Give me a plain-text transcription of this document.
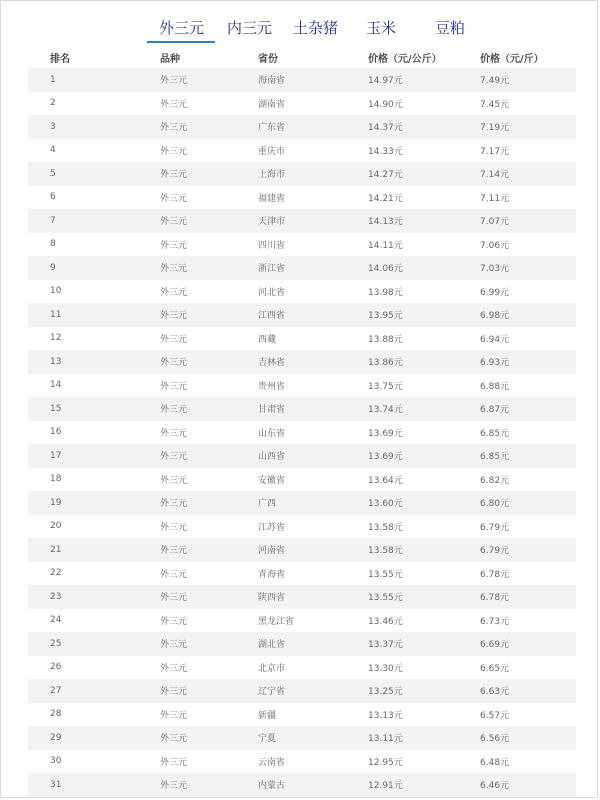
外三元 内三元 土杂猪 玉米	豆粕
排名	品种	省份	价格（元/公斤）	价格（元/斤）
1	外三元	海南省	14.97元	7.49元
2	外三元	湖南省	14.90元	7.45元
3	外三元	广东省	14.37元	7.19元
4	外三元	重庆市	14.33元	7.17元
5	外三元	上海市	14.27元	7.14元
6	外三元	福建省	14.21元	7.11元
7	外三元	天津市	14.13元	7.07元
8	外三元	四川省	14.11元	7.06元
9	外三元	浙江省	14.06元	7.03元
10	外三元	河北省	13.98元	6.99元
11	外三元	江西省	13.95元	6.98元
12	外三元	西藏	13.88元	6.94元
13	外三元	吉林省	13.86元	6.93元
14	外三元	贵州省	13.75元	6.88元
15	外三元	甘肃省	13.74元	6.87元
16	外三元	山东省	13.69元	6.85元
17	外三元	山西省	13.69元	6.85元
18	外三元	安徽省	13.64元	6.82元
19	外三元	广西	13.60元	6.80元
20	外三元	江苏省	13.58元	6.79元
21	外三元	河南省	13.58元	6.79元
22	外三元	青海省	13.55元	6.78元
23	外三元	陕西省	13.55元	6.78元
24	外三元	黑龙江省	13.46元	6.73元
25	外三元	湖北省	13.37元	6.69元
26	外三元	北京市	13.30元	6.65元
27	外三元	辽宁省	13.25元	6.63元
28	外三元	新疆	13.13元	6.57元
29	外三元	宁夏	13.11元	6.56元
30	外三元	云南省	12.95元	6.48元
31	外三元	内蒙古	12.91元	6.46元
